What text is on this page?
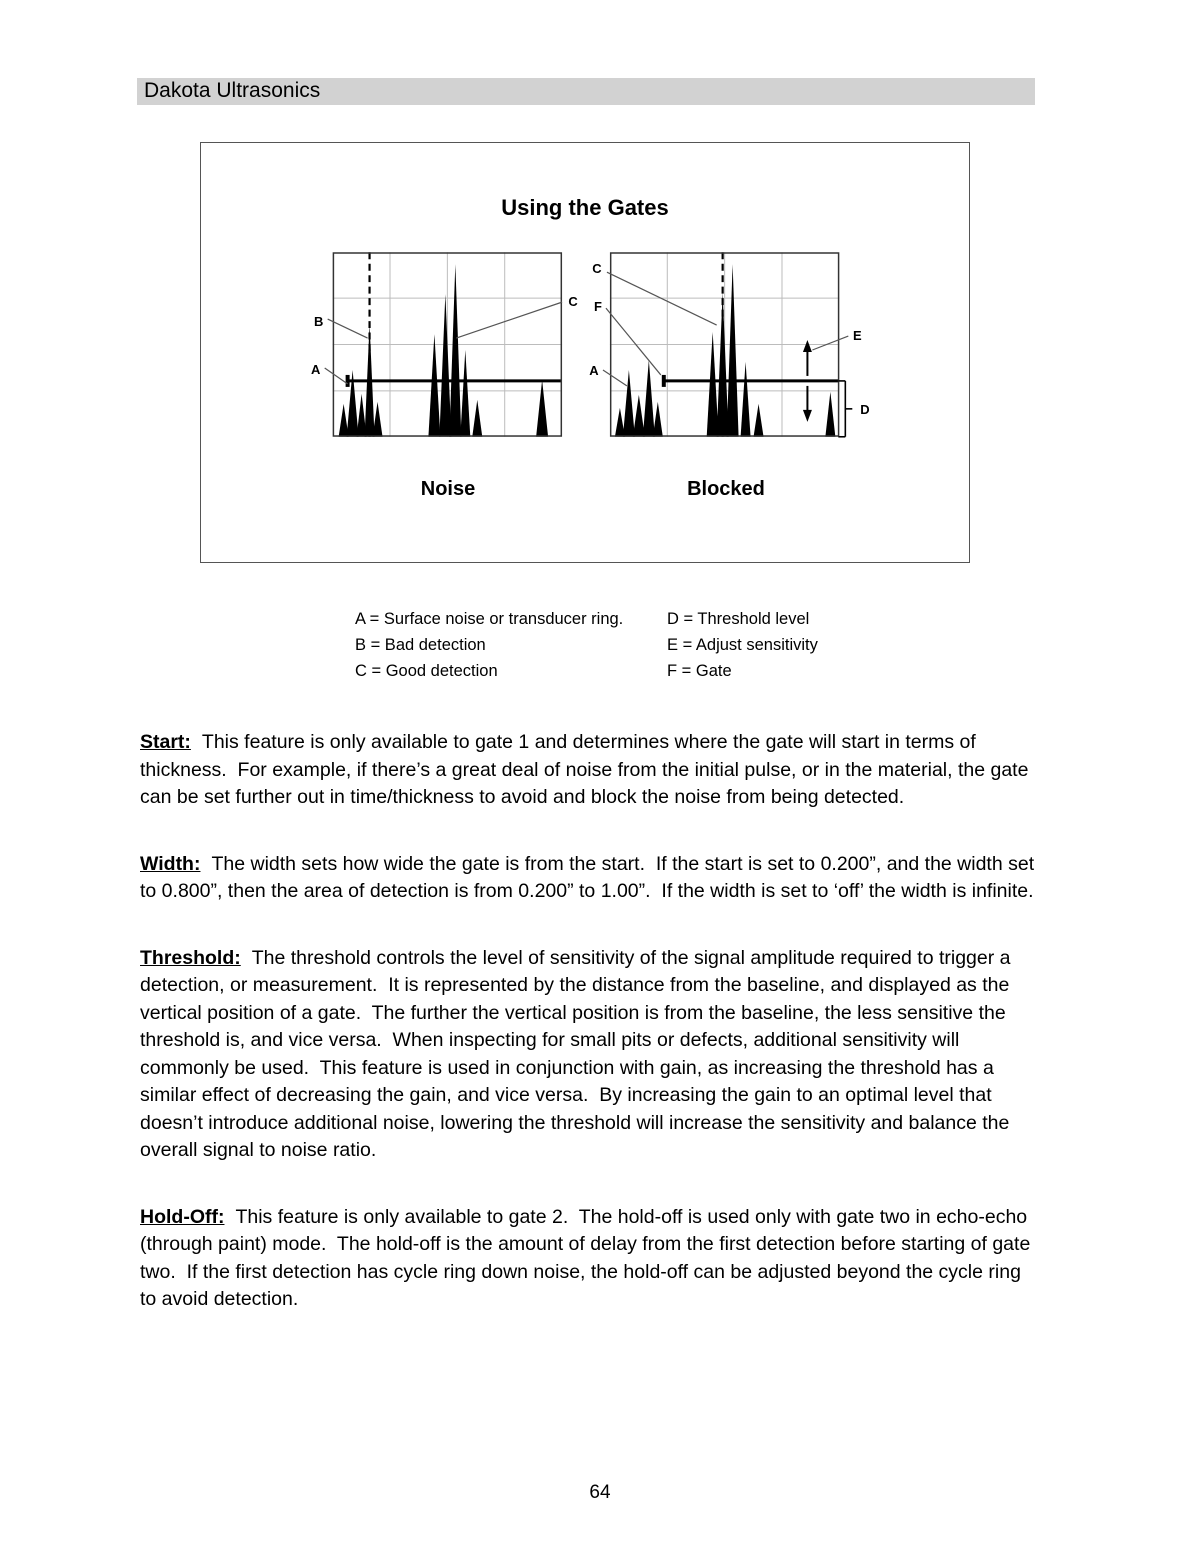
Dakota Ultrasonics
Using the Gates
B
A
C
C
F
A
E
D
Noise	Blocked
A = Surface noise or transducer ring.
B = Bad detection
C = Good detection
D = Threshold level
E = Adjust sensitivity
F = Gate

Start: This feature is only available to gate 1 and determines where the gate will start in terms of thickness.  For example, if there’s a great deal of noise from the initial pulse, or in the material, the gate can be set further out in time/thickness to avoid and block the noise from being detected.

Width: The width sets how wide the gate is from the start.  If the start is set to 0.200”, and the width set to 0.800”, then the area of detection is from 0.200” to 1.00”.  If the width is set to ‘off’ the width is infinite.

Threshold: The threshold controls the level of sensitivity of the signal amplitude required to trigger a detection, or measurement.  It is represented by the distance from the baseline, and displayed as the vertical position of a gate.  The further the vertical position is from the baseline, the less sensitive the threshold is, and vice versa.  When inspecting for small pits or defects, additional sensitivity will commonly be used.  This feature is used in conjunction with gain, as increasing the threshold has a similar effect of decreasing the gain, and vice versa.  By increasing the gain to an optimal level that doesn’t introduce additional noise, lowering the threshold will increase the sensitivity and balance the overall signal to noise ratio.

Hold-Off: This feature is only available to gate 2.  The hold-off is used only with gate two in echo-echo (through paint) mode.  The hold-off is the amount of delay from the first detection before starting of gate two.  If the first detection has cycle ring down noise, the hold-off can be adjusted beyond the cycle ring to avoid detection.

64
